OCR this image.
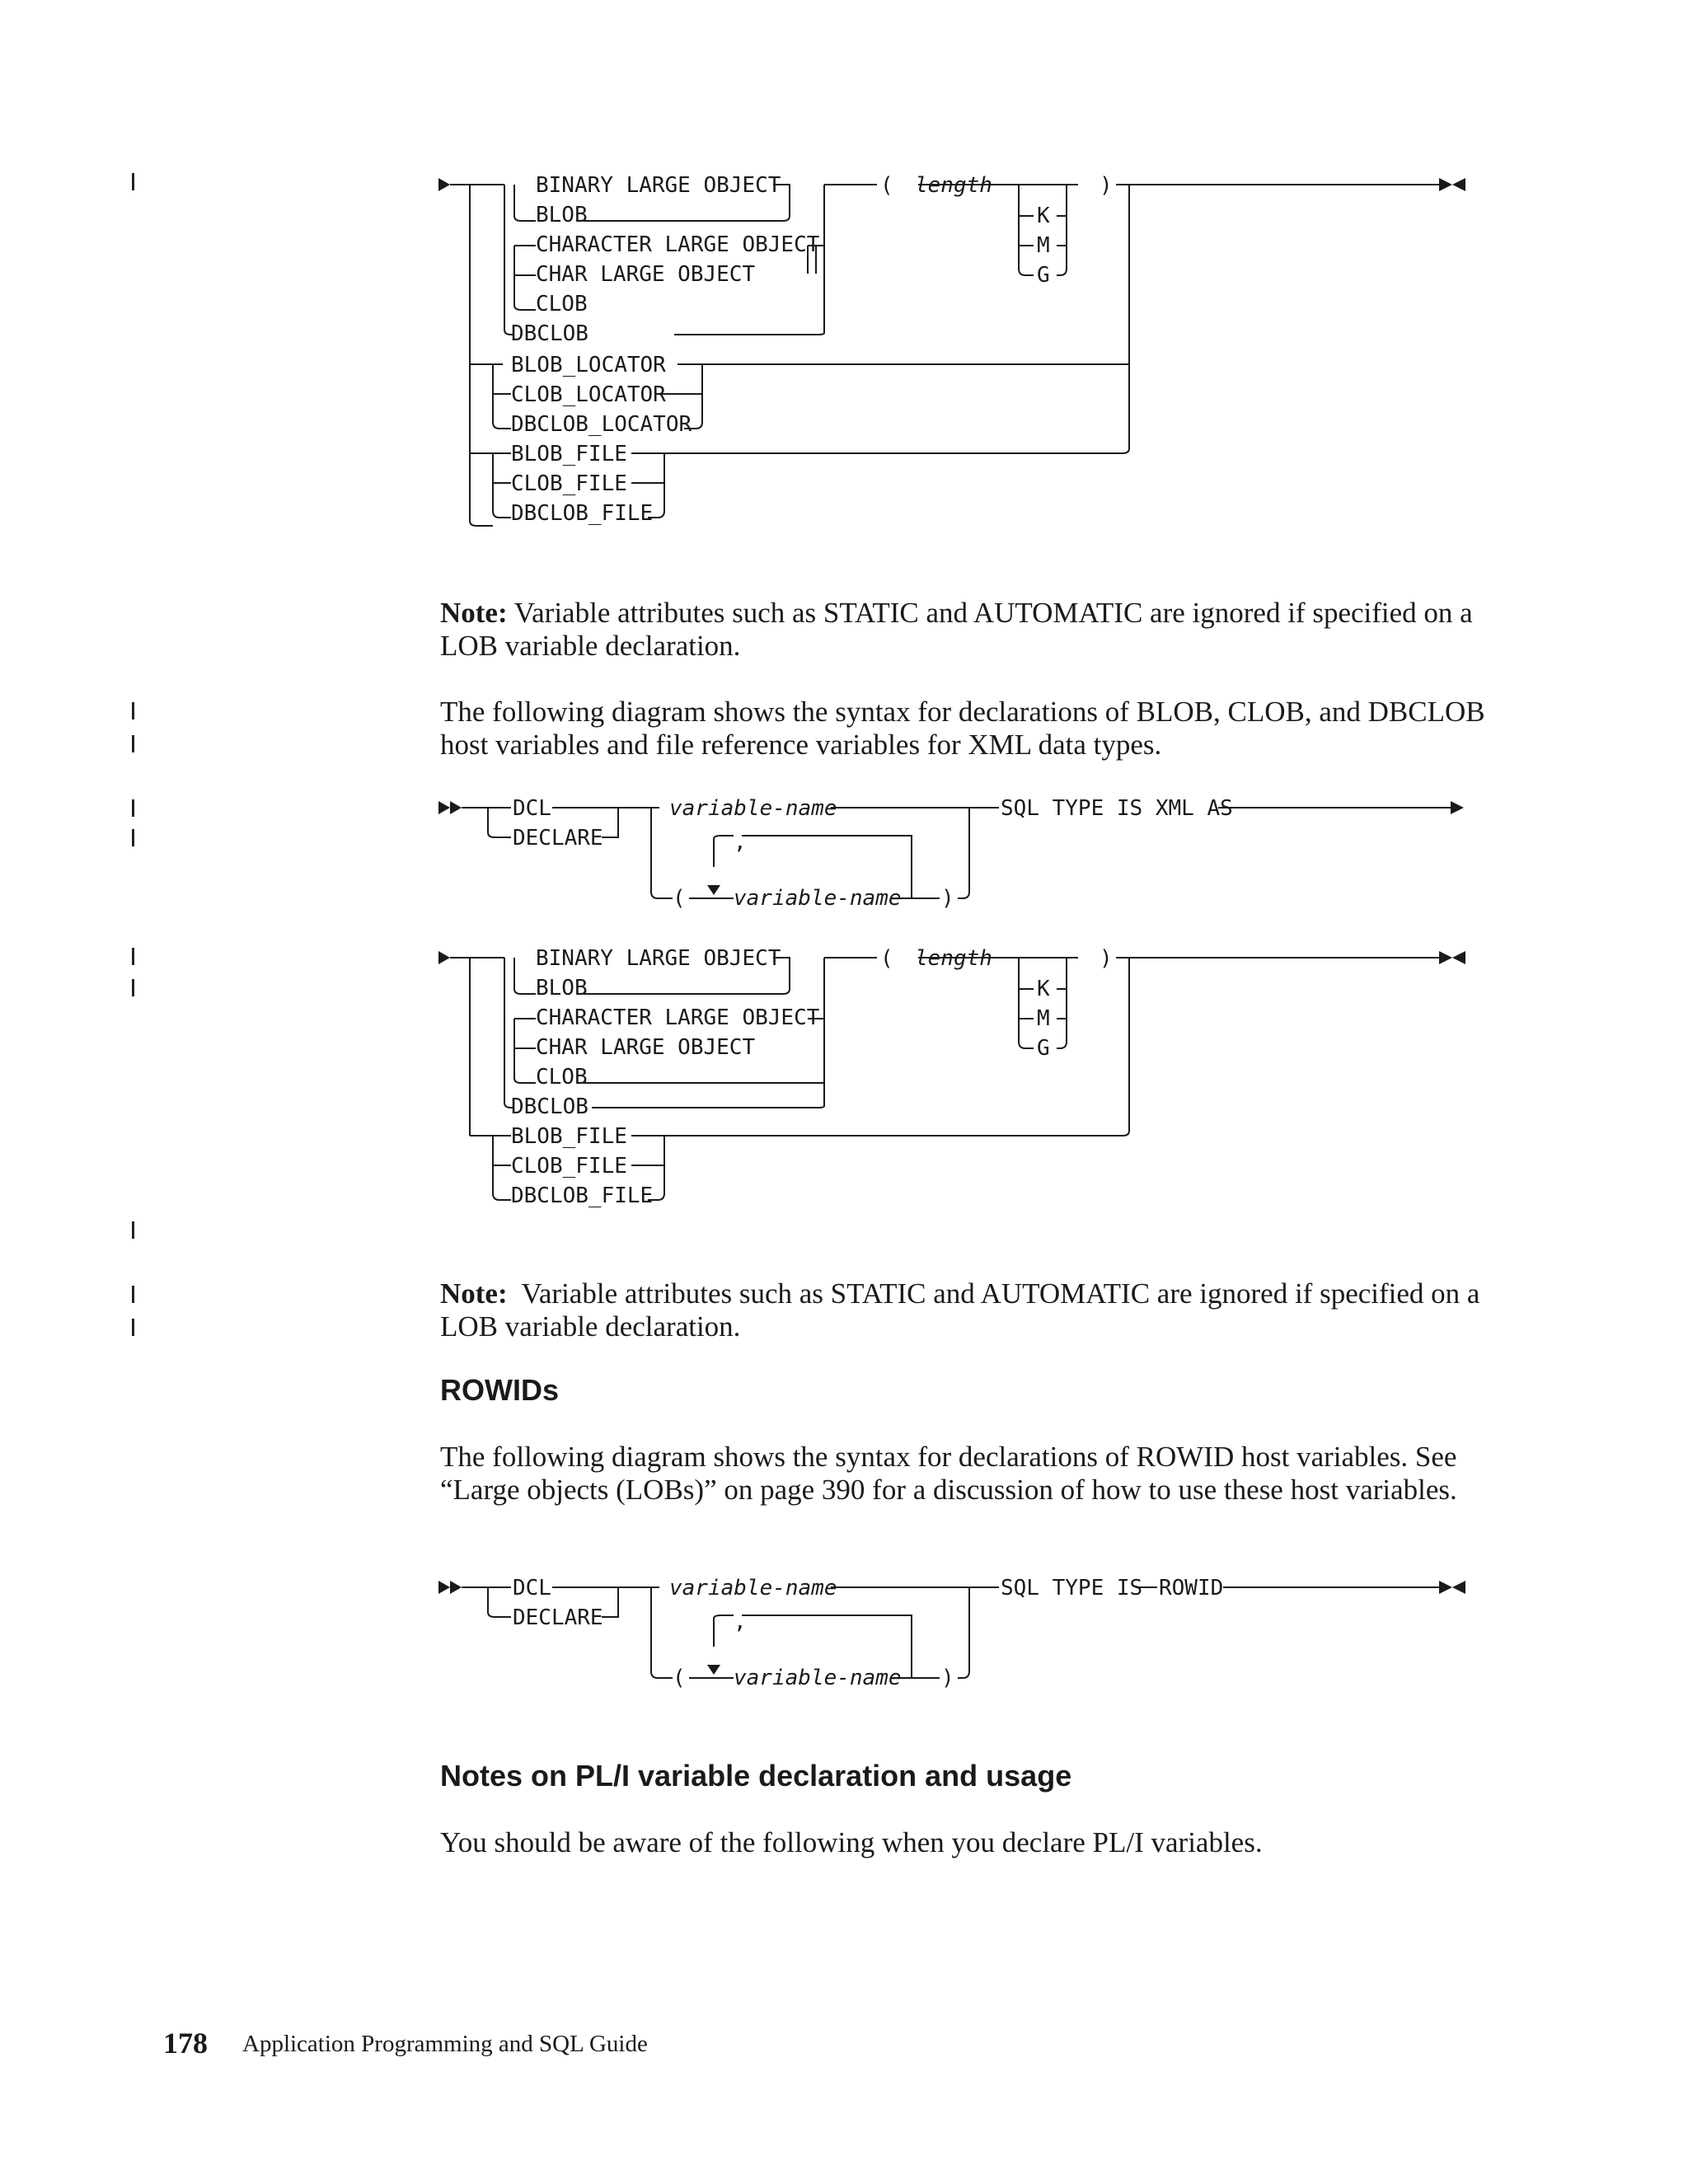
BINARY LARGE OBJECT
BLOB
CHARACTER LARGE OBJECT
CHAR LARGE OBJECT
CLOB
DBCLOB
( length
K
M
G
)
BLOB_LOCATOR
CLOB_LOCATOR
DBCLOB_LOCATOR
BLOB_FILE
CLOB_FILE
DBCLOB_FILE

Note: Variable attributes such as STATIC and AUTOMATIC are ignored if specified on a LOB variable declaration.

The following diagram shows the syntax for declarations of BLOB, CLOB, and DBCLOB host variables and file reference variables for XML data types.

DCL
DECLARE
variable-name
,
( variable-name )
SQL TYPE IS XML AS
BINARY LARGE OBJECT
BLOB
CHARACTER LARGE OBJECT
CHAR LARGE OBJECT
CLOB
DBCLOB
( length
K
M
G
)
BLOB_FILE
CLOB_FILE
DBCLOB_FILE

Note: Variable attributes such as STATIC and AUTOMATIC are ignored if specified on a LOB variable declaration.

ROWIDs

The following diagram shows the syntax for declarations of ROWID host variables. See “Large objects (LOBs)” on page 390 for a discussion of how to use these host variables.

DCL
DECLARE
variable-name
,
( variable-name )
SQL TYPE IS ROWID
Notes on PL/I variable declaration and usage

You should be aware of the following when you declare PL/I variables.

178 Application Programming and SQL Guide
